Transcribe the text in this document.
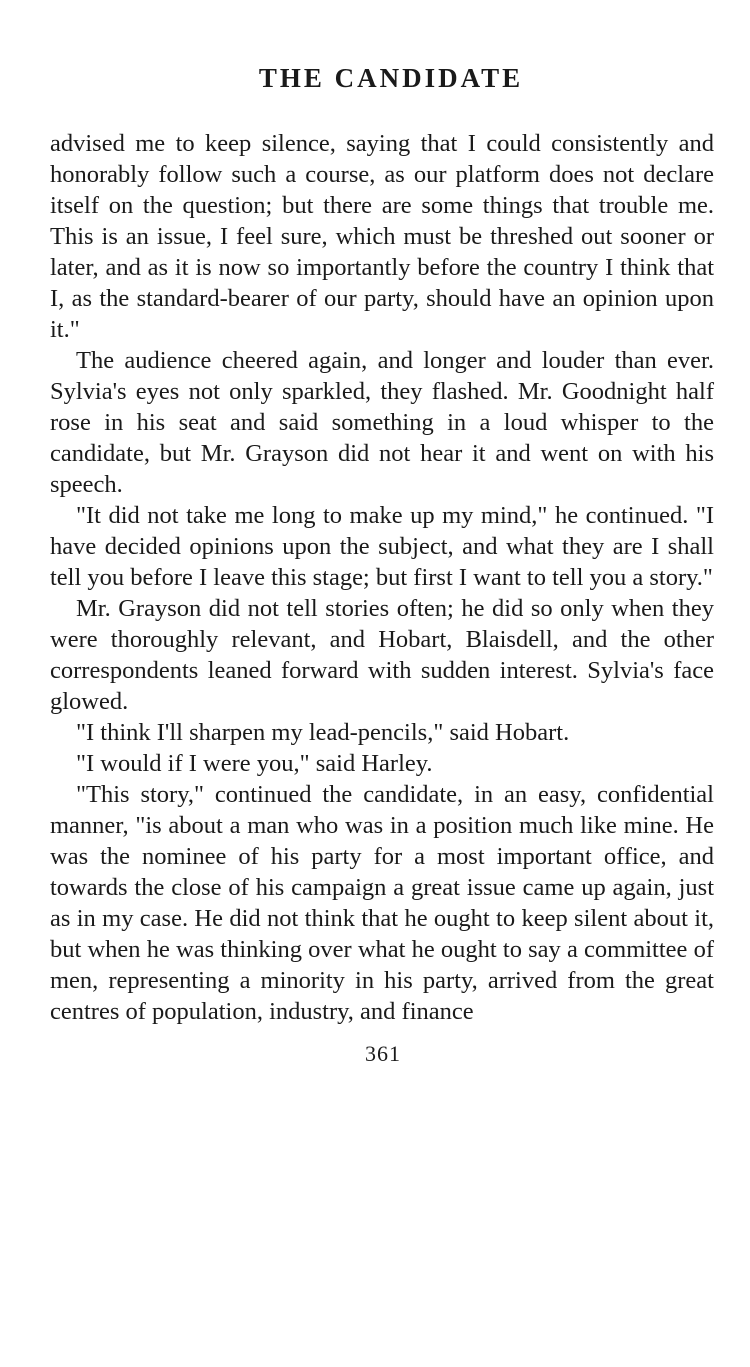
THE CANDIDATE

advised me to keep silence, saying that I could consistently and honorably follow such a course, as our platform does not declare itself on the question; but there are some things that trouble me. This is an issue, I feel sure, which must be threshed out sooner or later, and as it is now so importantly before the country I think that I, as the standard-bearer of our party, should have an opinion upon it."

The audience cheered again, and longer and louder than ever. Sylvia's eyes not only sparkled, they flashed. Mr. Goodnight half rose in his seat and said something in a loud whisper to the candidate, but Mr. Grayson did not hear it and went on with his speech.

"It did not take me long to make up my mind," he continued. "I have decided opinions upon the subject, and what they are I shall tell you before I leave this stage; but first I want to tell you a story."

Mr. Grayson did not tell stories often; he did so only when they were thoroughly relevant, and Hobart, Blaisdell, and the other correspondents leaned forward with sudden interest. Sylvia's face glowed.

"I think I'll sharpen my lead-pencils," said Hobart.

"I would if I were you," said Harley.

"This story," continued the candidate, in an easy, confidential manner, "is about a man who was in a position much like mine. He was the nominee of his party for a most important office, and towards the close of his campaign a great issue came up again, just as in my case. He did not think that he ought to keep silent about it, but when he was thinking over what he ought to say a committee of men, representing a minority in his party, arrived from the great centres of population, industry, and finance

361
